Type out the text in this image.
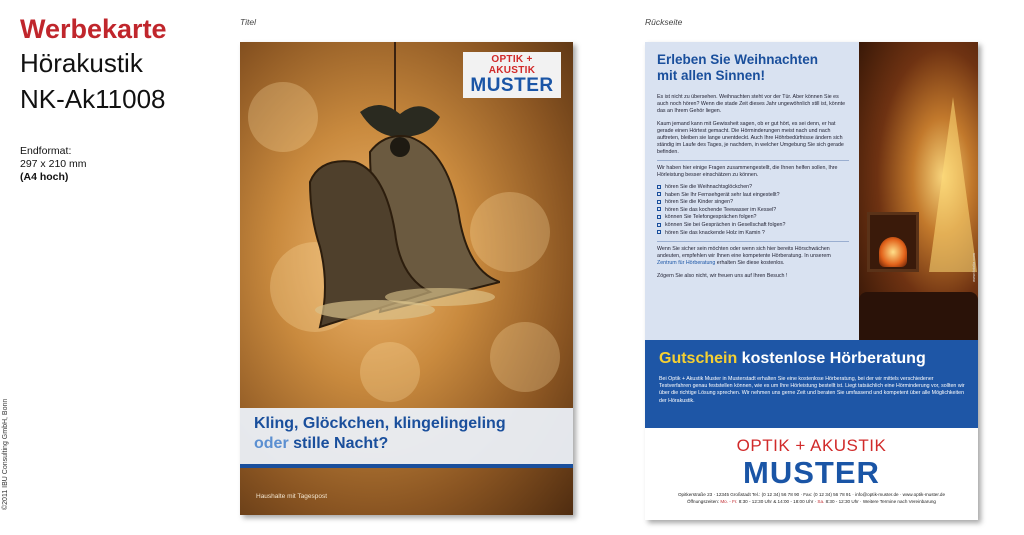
Werbekarte
Hörakustik
NK-Ak11008
Endformat:
297 x 210 mm
(A4 hoch)
©2011 IBU Consulting GmbH, Bonn
Titel	Rückseite
OPTIK + AKUSTIK
MUSTER
Kling, Glöckchen, klingelingeling
oder stille Nacht?
Haushalte mit Tagespost
Erleben Sie Weihnachten
mit allen Sinnen!
Es ist nicht zu übersehen. Weihnachten steht vor der Tür. Aber können Sie es auch noch hören? Wenn die stade Zeit dieses Jahr ungewöhnlich still ist, könnte das an Ihrem Gehör liegen.
Kaum jemand kann mit Gewissheit sagen, ob er gut hört, es sei denn, er hat gerade einen Hörtest gemacht. Die Hörminderungen meist nach und nach auftreten, bleiben sie lange unentdeckt. Auch Ihre Höhrbedürfnisse ändern sich ständig im Laufe des Tages, je nachdem, in welcher Umgebung Sie sich gerade befinden.
Wir haben hier einige Fragen zusammengestellt, die Ihnen helfen sollen, Ihre Hörleistung besser einschätzen zu können.
hören Sie die Weihnachtsglöckchen?
haben Sie Ihr Fernsehgerät sehr laut eingestellt?
hören Sie die Kinder singen?
hören Sie das kochende Teewasser im Kessel?
können Sie Telefongesprächen folgen?
können Sie bei Gesprächen in Gesellschaft folgen?
hören Sie das knackende Holz im Kamin ?
Wenn Sie sicher sein möchten oder wenn sich hier bereits Hörschwächen andeuten, empfehlen wir Ihnen eine kompetente Hörberatung. In unserem Zentrum für Hörberatung erhalten Sie diese kostenlos.
Zögern Sie also nicht, wir freuen uns auf Ihren Besuch !	www.fotolia.com
Gutschein kostenlose Hörberatung
Bei Optik + Akustik Muster in Musterstadt erhalten Sie eine kostenlose Hörberatung, bei der wir mittels verschiedener Testverfahren genau feststellen können, wie es um Ihre Hörleistung bestellt ist. Liegt tatsächlich eine Hörminderung vor, sollten wir über die richtige Lösung sprechen. Wir nehmen uns gerne Zeit und beraten Sie umfassend und kompetent über alle Möglichkeiten der Hörakustik.
OPTIK + AKUSTIK
MUSTER
Opitkerstraße 23 · 12345 Großstadt Tel.: (0 12 34) 56 78 90 · Fax: (0 12 34) 56 78 91 · info@optik-muster.de · www.optik-muster.de
Öffnungszeiten: Mo. - Fr. 8:30 - 12:30 Uhr & 14:00 - 18:00 Uhr · Sa. 8:30 - 12:30 Uhr · Weitere Termine nach Vereinbarung
